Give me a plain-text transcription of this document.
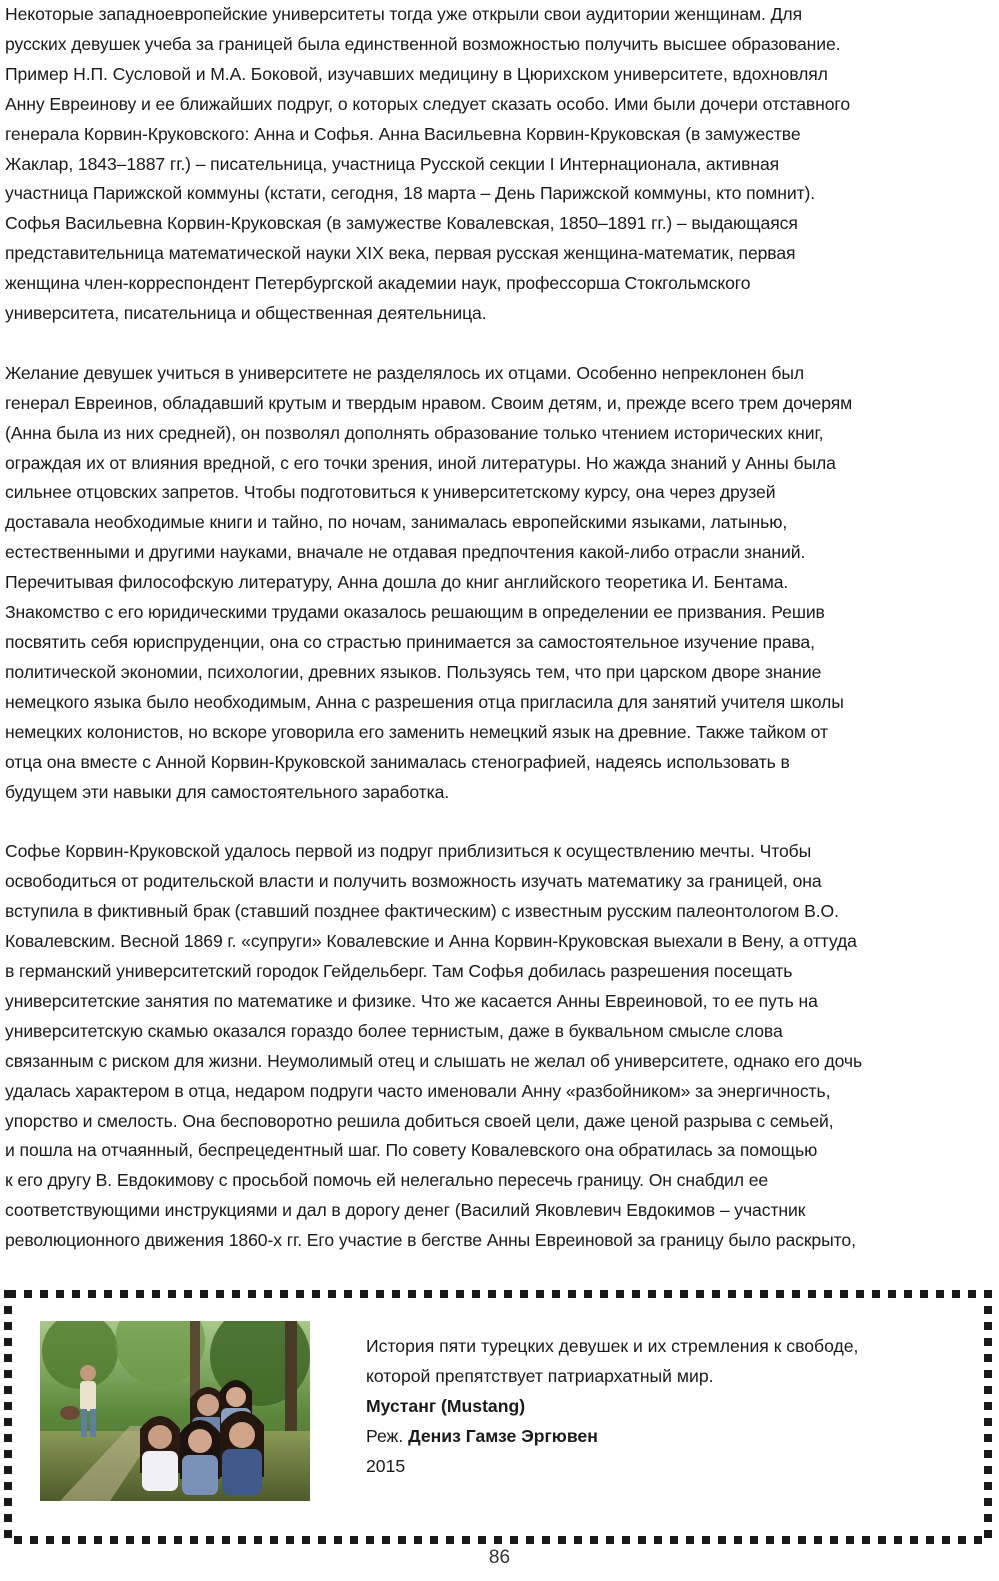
Некоторые западноевропейские университеты тогда уже открыли свои аудитории женщинам. Для
русских девушек учеба за границей была единственной возможностью получить высшее образование.
Пример Н.П. Сусловой и М.А. Боковой, изучавших медицину в Цюрихском университете, вдохновлял
Анну Евреинову и ее ближайших подруг, о которых следует сказать особо. Ими были дочери отставного
генерала Корвин-Круковского: Анна и Софья. Анна Васильевна Корвин-Круковская (в замужестве
Жаклар, 1843–1887 гг.) – писательница, участница Русской секции I Интернационала, активная
участница Парижской коммуны (кстати, сегодня, 18 марта – День Парижской коммуны, кто помнит).
Софья Васильевна Корвин-Круковская (в замужестве Ковалевская, 1850–1891 гг.) – выдающаяся
представительница математической науки XIX века, первая русская женщина-математик, первая
женщина член-корреспондент Петербургской академии наук, профессорша Стокгольмского
университета, писательница и общественная деятельница.

Желание девушек учиться в университете не разделялось их отцами. Особенно непреклонен был
генерал Евреинов, обладавший крутым и твердым нравом. Своим детям, и, прежде всего трем дочерям
(Анна была из них средней), он позволял дополнять образование только чтением исторических книг,
ограждая их от влияния вредной, с его точки зрения, иной литературы. Но жажда знаний у Анны была
сильнее отцовских запретов. Чтобы подготовиться к университетскому курсу, она через друзей
доставала необходимые книги и тайно, по ночам, занималась европейскими языками, латынью,
естественными и другими науками, вначале не отдавая предпочтения какой-либо отрасли знаний.
Перечитывая философскую литературу, Анна дошла до книг английского теоретика И. Бентама.
Знакомство с его юридическими трудами оказалось решающим в определении ее призвания. Решив
посвятить себя юриспруденции, она со страстью принимается за самостоятельное изучение права,
политической экономии, психологии, древних языков. Пользуясь тем, что при царском дворе знание
немецкого языка было необходимым, Анна с разрешения отца пригласила для занятий учителя школы
немецких колонистов, но вскоре уговорила его заменить немецкий язык на древние. Также тайком от
отца она вместе с Анной Корвин-Круковской занималась стенографией, надеясь использовать в
будущем эти навыки для самостоятельного заработка.

Софье Корвин-Круковской удалось первой из подруг приблизиться к осуществлению мечты. Чтобы
освободиться от родительской власти и получить возможность изучать математику за границей, она
вступила в фиктивный брак (ставший позднее фактическим) с известным русским палеонтологом В.О.
Ковалевским. Весной 1869 г. «супруги» Ковалевские и Анна Корвин-Круковская выехали в Вену, а оттуда
в германский университетский городок Гейдельберг. Там Софья добилась разрешения посещать
университетские занятия по математике и физике. Что же касается Анны Евреиновой, то ее путь на
университетскую скамью оказался гораздо более тернистым, даже в буквальном смысле слова
связанным с риском для жизни. Неумолимый отец и слышать не желал об университете, однако его дочь
удалась характером в отца, недаром подруги часто именовали Анну «разбойником» за энергичность,
упорство и смелость. Она бесповоротно решила добиться своей цели, даже ценой разрыва с семьей,
и пошла на отчаянный, беспрецедентный шаг. По совету Ковалевского она обратилась за помощью
к его другу В. Евдокимову с просьбой помочь ей нелегально пересечь границу. Он снабдил ее
соответствующими инструкциями и дал в дорогу денег (Василий Яковлевич Евдокимов – участник
революционного движения 1860-х гг. Его участие в бегстве Анны Евреиновой за границу было раскрыто,

История пяти турецких девушек и их стремления к свободе,
которой препятствует патриархатный мир.
Мустанг (Mustang)
Реж. Дениз Гамзе Эргювен
2015
86
